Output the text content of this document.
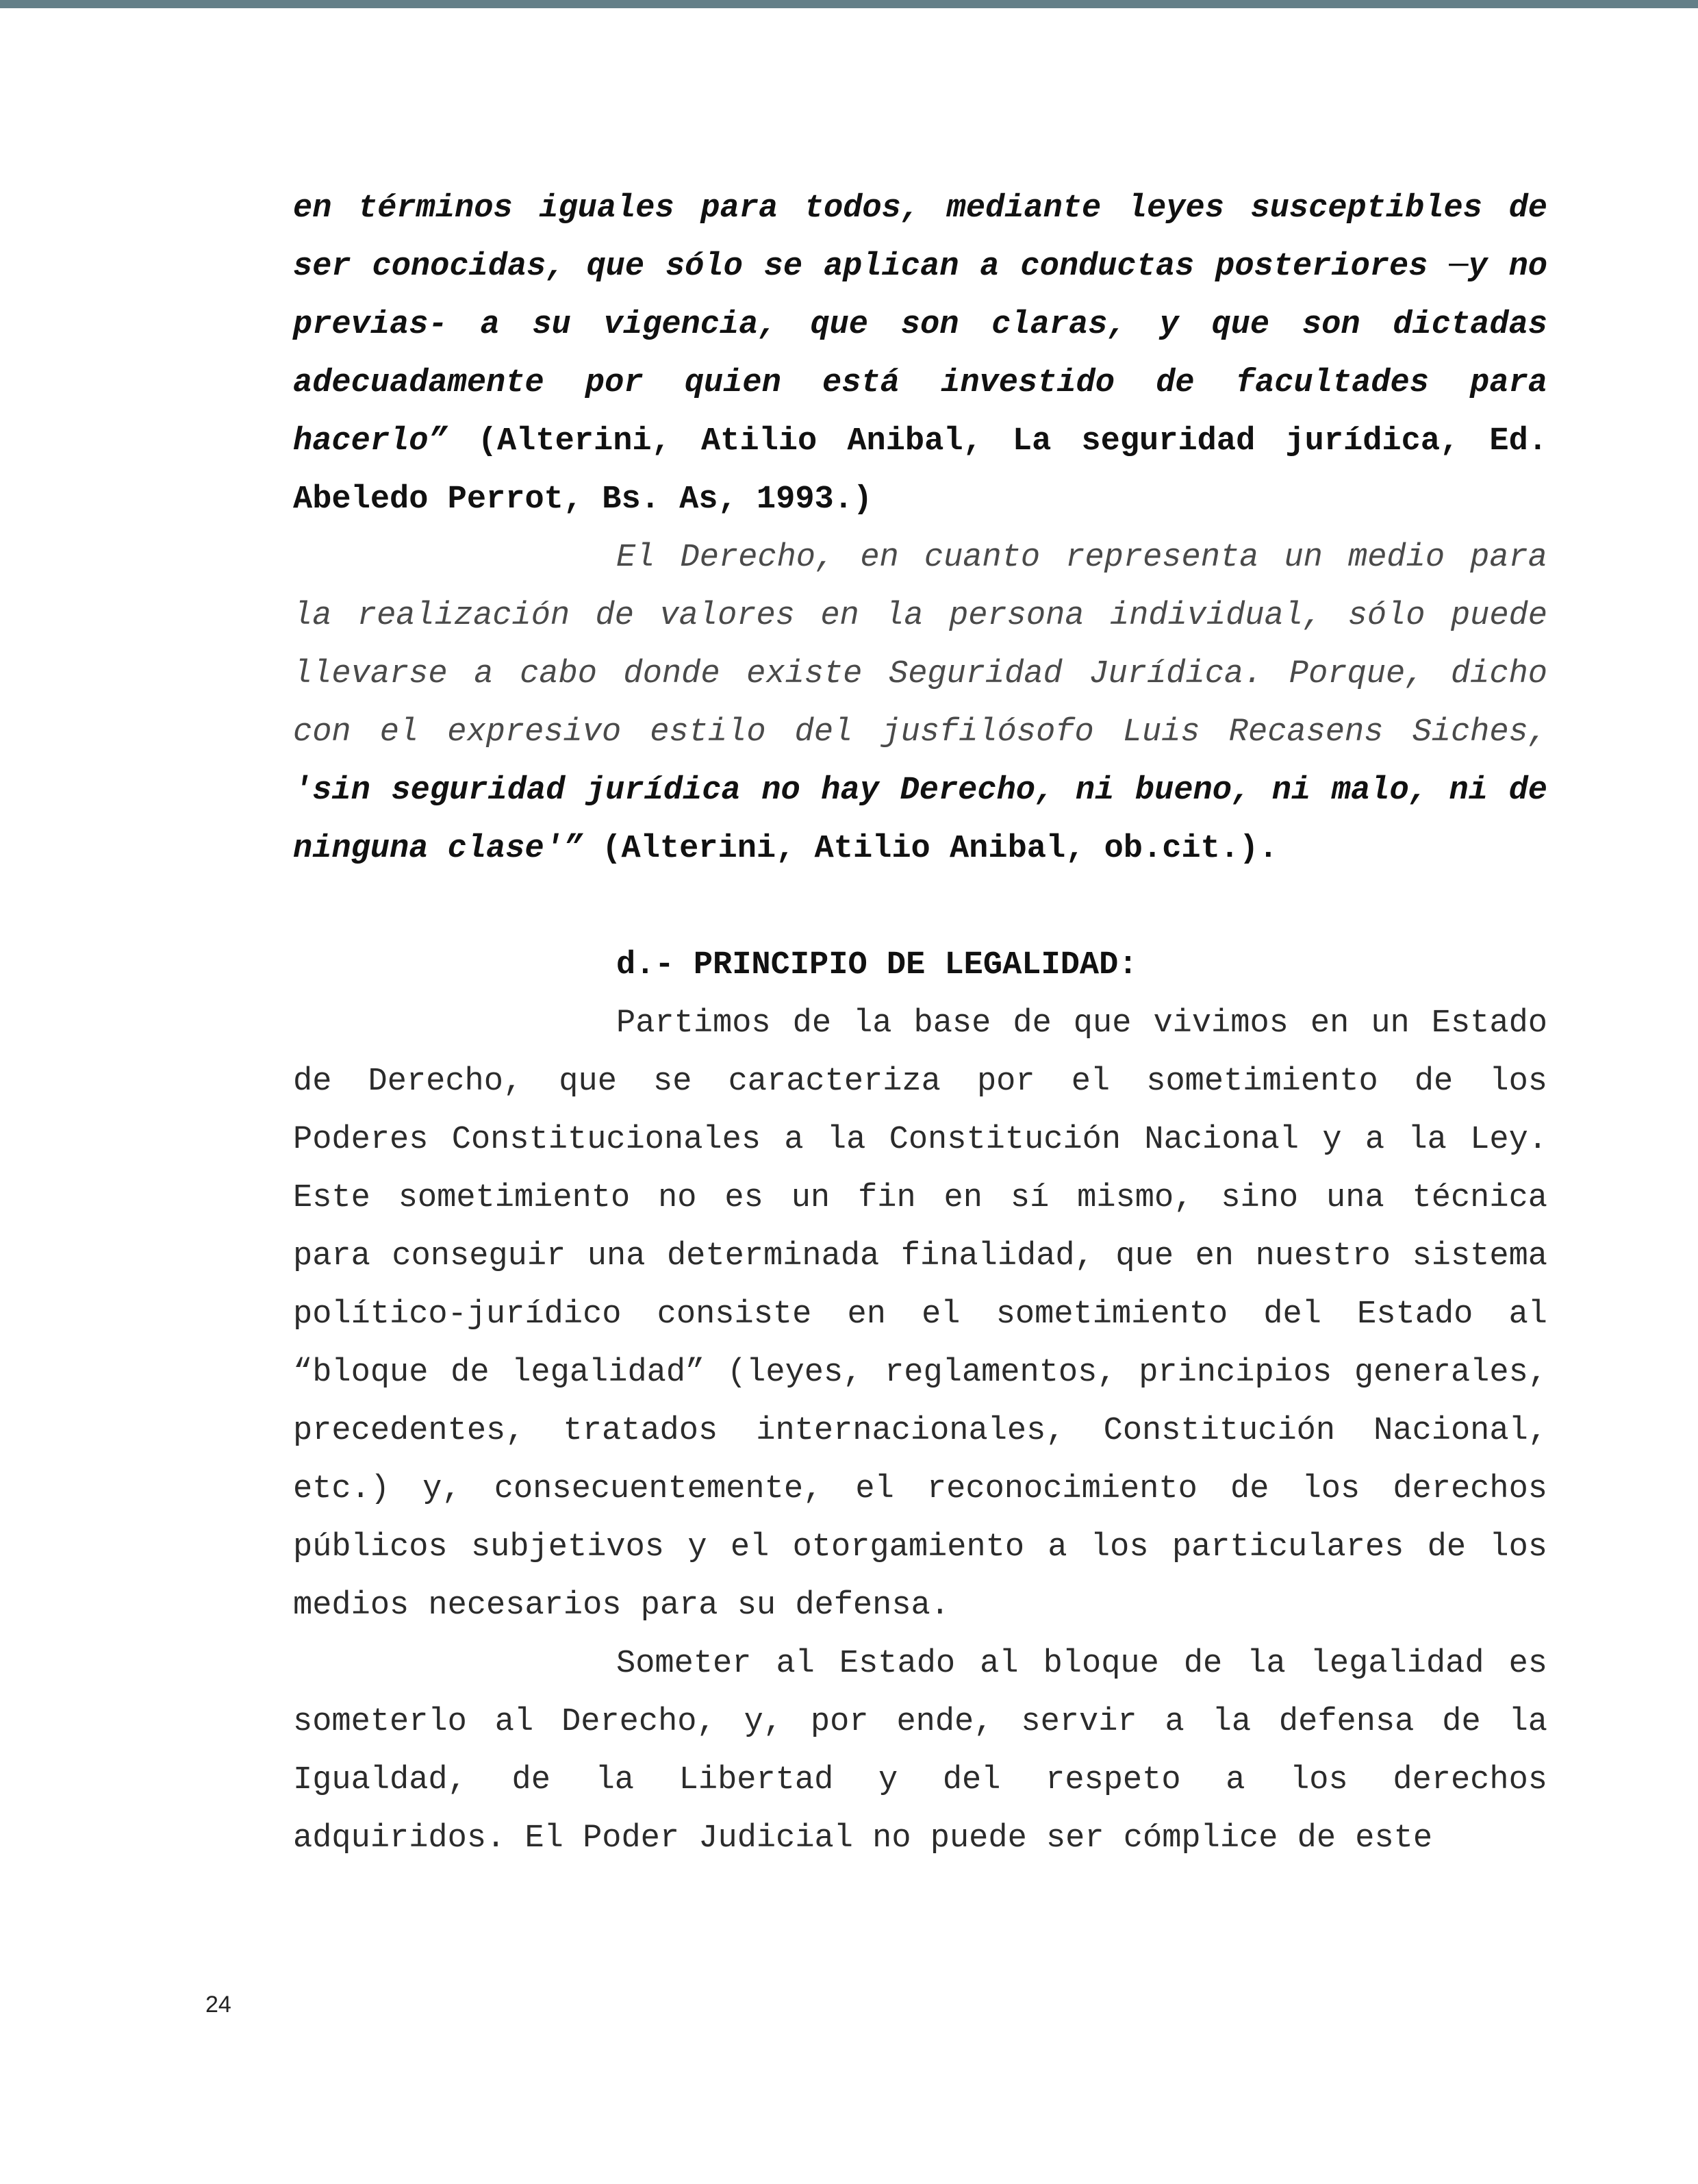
en términos iguales para todos, mediante leyes susceptibles de ser conocidas, que sólo se aplican a conductas posteriores ─y no previas- a su vigencia, que son claras, y que son dictadas adecuadamente por quien está investido de facultades para hacerlo” (Alterini, Atilio Anibal, La seguridad jurídica, Ed. Abeledo Perrot, Bs. As, 1993.)

El Derecho, en cuanto representa un medio para la realización de valores en la persona individual, sólo puede llevarse a cabo donde existe Seguridad Jurídica. Porque, dicho con el expresivo estilo del jusfilósofo Luis Recasens Siches, 'sin seguridad jurídica no hay Derecho, ni bueno, ni malo, ni de ninguna clase'” (Alterini, Atilio Anibal, ob.cit.).

d.- PRINCIPIO DE LEGALIDAD:

Partimos de la base de que vivimos en un Estado de Derecho, que se caracteriza por el sometimiento de los Poderes Constitucionales a la Constitución Nacional y a la Ley. Este sometimiento no es un fin en sí mismo, sino una técnica para conseguir una determinada finalidad, que en nuestro sistema político-jurídico consiste en el sometimiento del Estado al “bloque de legalidad” (leyes, reglamentos, principios generales, precedentes, tratados internacionales, Constitución Nacional, etc.) y, consecuentemente, el reconocimiento de los derechos públicos subjetivos y el otorgamiento a los particulares de los medios necesarios para su defensa.

Someter al Estado al bloque de la legalidad es someterlo al Derecho, y, por ende, servir a la defensa de la Igualdad, de la Libertad y del respeto a los derechos adquiridos. El Poder Judicial no puede ser cómplice de este

24
